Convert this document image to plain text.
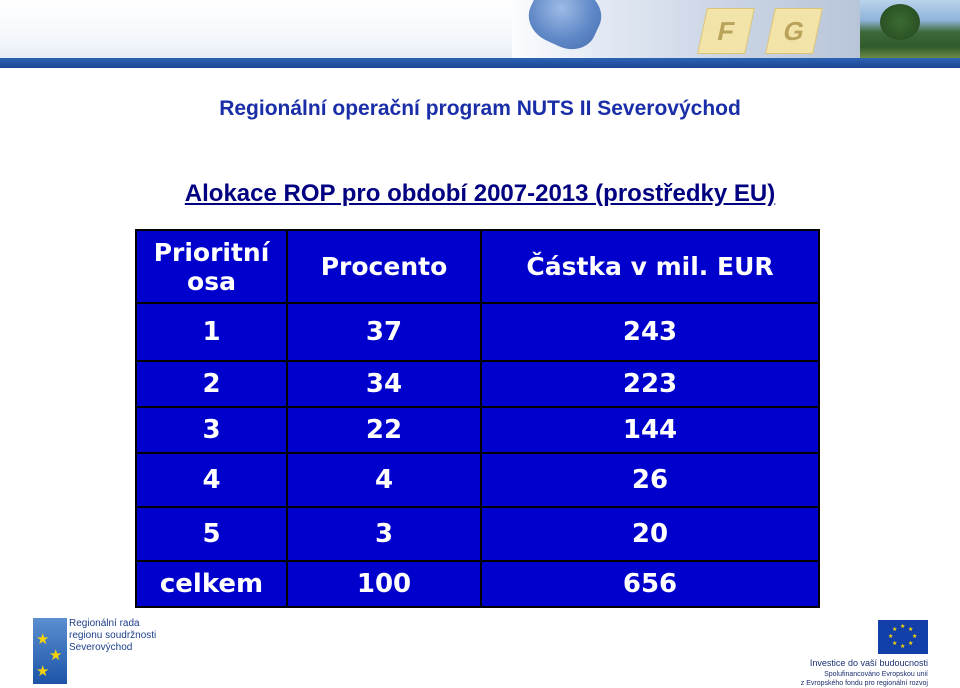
F	G
Regionální operační program NUTS II Severovýchod
Alokace ROP pro období 2007-2013 (prostředky EU)
Prioritní osa	Procento	Částka v mil. EUR
1	37	243
2	34	223
3	22	144
4	4	26
5	3	20
celkem	100	656
★
★
★
Regionální rada
regionu soudržnosti
Severovýchod
★ ★
★
★
★
★
★
★
Investice do vaší budoucnosti
Spolufinancováno Evropskou unií
z Evropského fondu pro regionální rozvoj
